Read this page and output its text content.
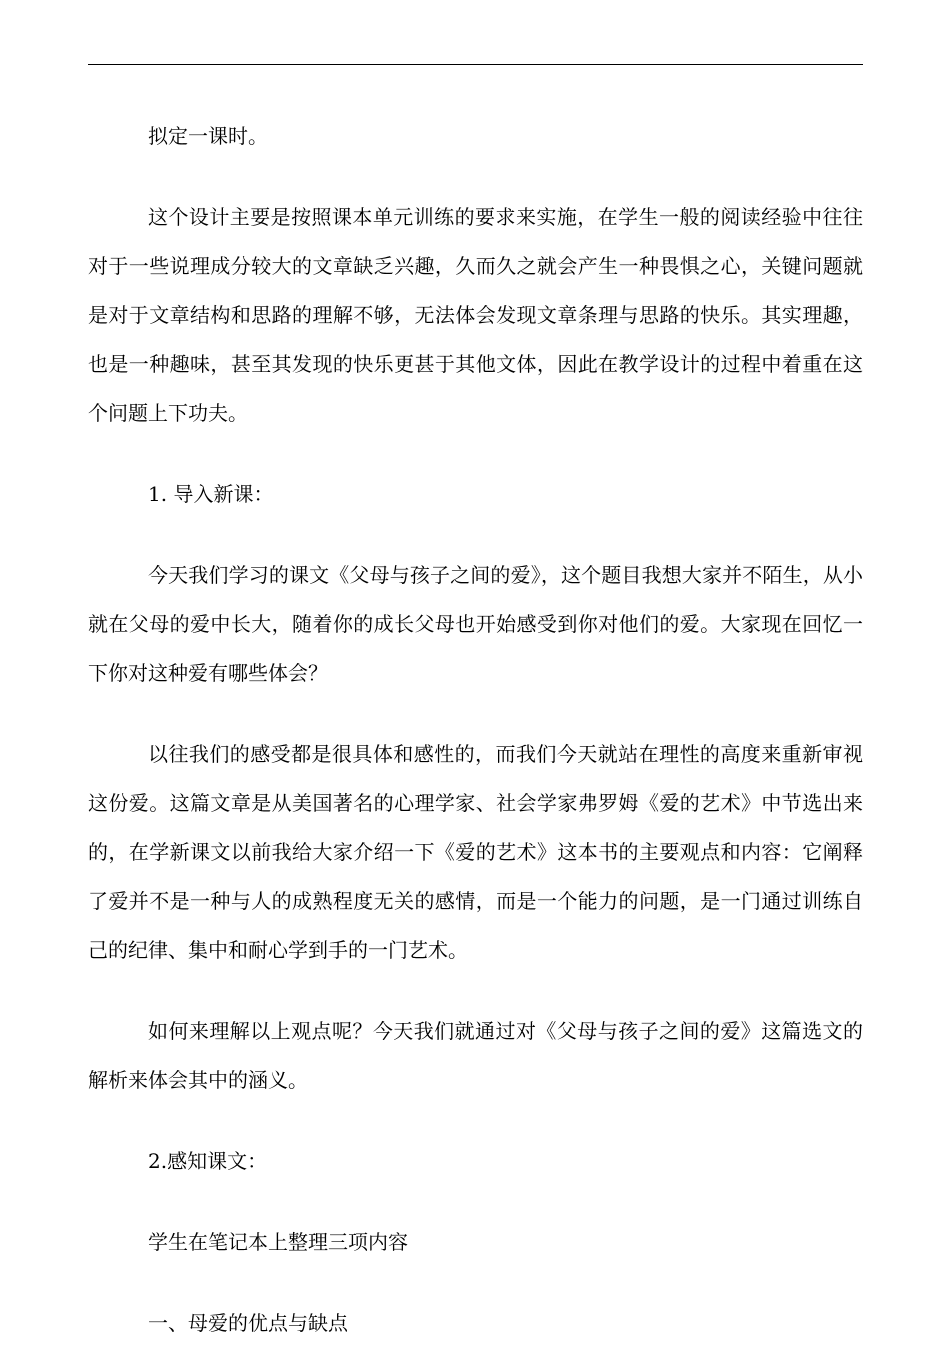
拟定一课时。

这个设计主要是按照课本单元训练的要求来实施，在学生一般的阅读经验中往往对于一些说理成分较大的文章缺乏兴趣，久而久之就会产生一种畏惧之心，关键问题就是对于文章结构和思路的理解不够，无法体会发现文章条理与思路的快乐。其实理趣，也是一种趣味，甚至其发现的快乐更甚于其他文体，因此在教学设计的过程中着重在这个问题上下功夫。

1. 导入新课：

今天我们学习的课文《父母与孩子之间的爱》，这个题目我想大家并不陌生，从小就在父母的爱中长大，随着你的成长父母也开始感受到你对他们的爱。大家现在回忆一下你对这种爱有哪些体会？

以往我们的感受都是很具体和感性的，而我们今天就站在理性的高度来重新审视这份爱。这篇文章是从美国著名的心理学家、社会学家弗罗姆《爱的艺术》中节选出来的，在学新课文以前我给大家介绍一下《爱的艺术》这本书的主要观点和内容：它阐释了爱并不是一种与人的成熟程度无关的感情，而是一个能力的问题，是一门通过训练自己的纪律、集中和耐心学到手的一门艺术。

如何来理解以上观点呢？今天我们就通过对《父母与孩子之间的爱》这篇选文的解析来体会其中的涵义。

2.感知课文：

学生在笔记本上整理三项内容

一、母爱的优点与缺点
